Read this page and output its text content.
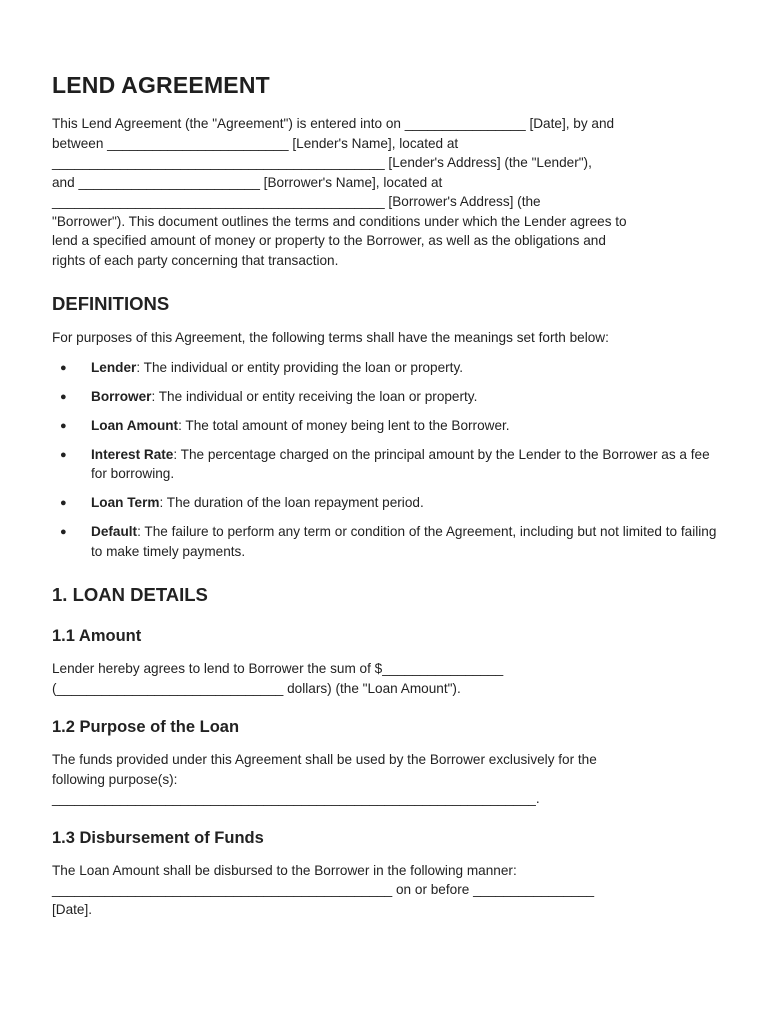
LEND AGREEMENT

This Lend Agreement (the "Agreement") is entered into on ________________ [Date], by and

between ________________________ [Lender's Name], located at

____________________________________________ [Lender's Address] (the "Lender"),

and ________________________ [Borrower's Name], located at

____________________________________________ [Borrower's Address] (the

"Borrower"). This document outlines the terms and conditions under which the Lender agrees to

lend a specified amount of money or property to the Borrower, as well as the obligations and

rights of each party concerning that transaction.

DEFINITIONS

For purposes of this Agreement, the following terms shall have the meanings set forth below:

● Lender: The individual or entity providing the loan or property.
● Borrower: The individual or entity receiving the loan or property.
● Loan Amount: The total amount of money being lent to the Borrower.
● Interest Rate: The percentage charged on the principal amount by the Lender to the Borrower as a fee for borrowing.
● Loan Term: The duration of the loan repayment period.
● Default: The failure to perform any term or condition of the Agreement, including but not limited to failing to make timely payments.
1. LOAN DETAILS
1.1 Amount

Lender hereby agrees to lend to Borrower the sum of $________________

(______________________________ dollars) (the "Loan Amount").

1.2 Purpose of the Loan

The funds provided under this Agreement shall be used by the Borrower exclusively for the

following purpose(s):

________________________________________________________________.

1.3 Disbursement of Funds

The Loan Amount shall be disbursed to the Borrower in the following manner:

_____________________________________________ on or before ________________

[Date].
